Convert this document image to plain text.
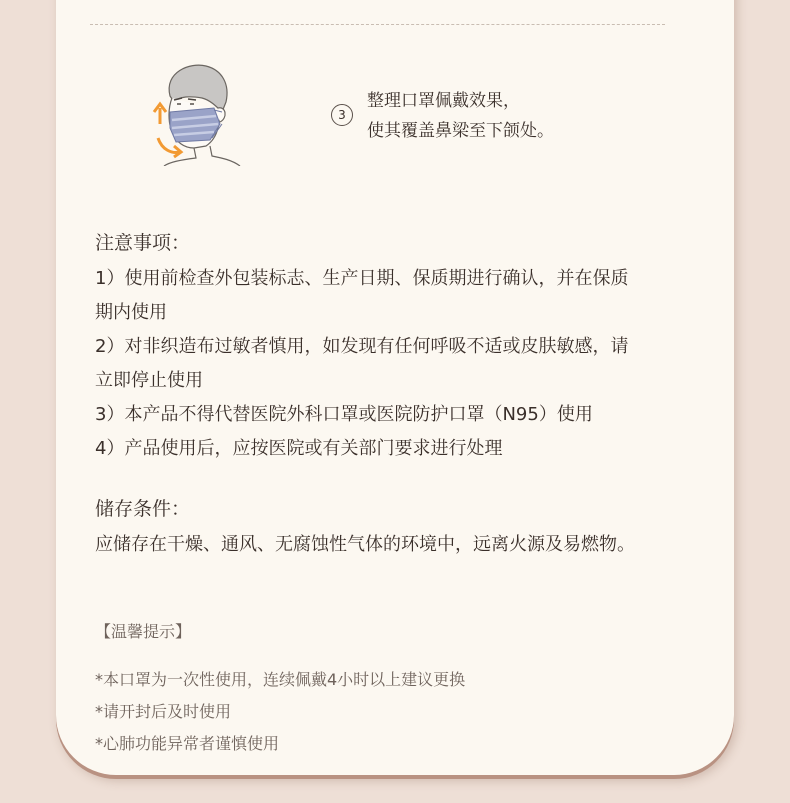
3
整理口罩佩戴效果，
使其覆盖鼻梁至下颌处。
注意事项：
1）使用前检查外包装标志、生产日期、保质期进行确认，并在保质
期内使用
2）对非织造布过敏者慎用，如发现有任何呼吸不适或皮肤敏感，请
立即停止使用
3）本产品不得代替医院外科口罩或医院防护口罩（N95）使用
4）产品使用后，应按医院或有关部门要求进行处理
储存条件：
应储存在干燥、通风、无腐蚀性气体的环境中，远离火源及易燃物。
【温馨提示】
*本口罩为一次性使用，连续佩戴4小时以上建议更换
*请开封后及时使用
*心肺功能异常者谨慎使用
